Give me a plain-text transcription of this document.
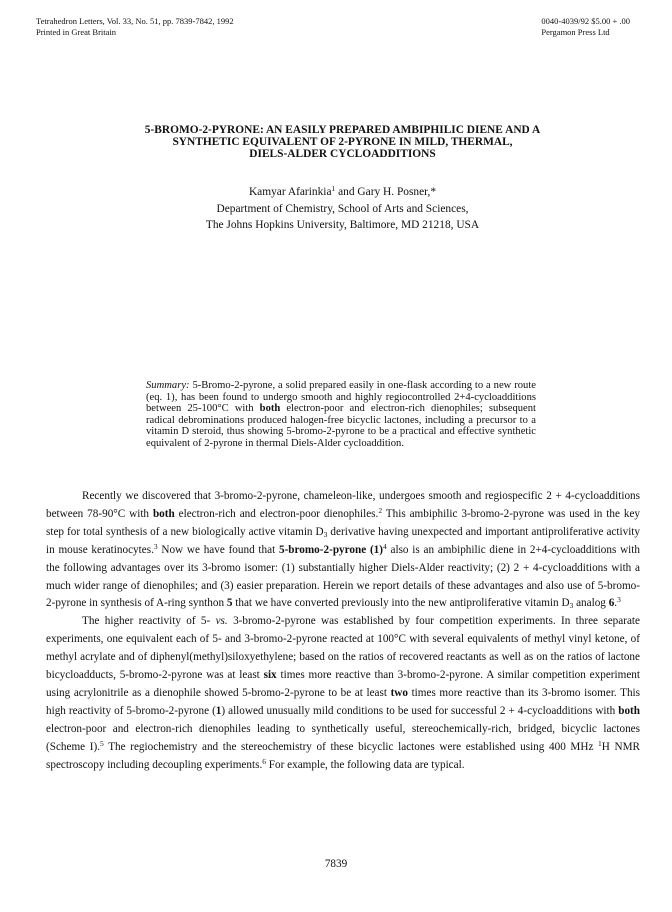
Tetrahedron Letters, Vol. 33, No. 51, pp. 7839-7842, 1992
Printed in Great Britain
0040-4039/92 $5.00 + .00
Pergamon Press Ltd
5-BROMO-2-PYRONE: AN EASILY PREPARED AMBIPHILIC DIENE AND A
SYNTHETIC EQUIVALENT OF 2-PYRONE IN MILD, THERMAL,
DIELS-ALDER CYCLOADDITIONS
Kamyar Afarinkia$^1$ and Gary H. Posner,*
Department of Chemistry, School of Arts and Sciences,
The Johns Hopkins University, Baltimore, MD 21218, USA
Summary: 5-Bromo-2-pyrone, a solid prepared easily in one-flask according to a new route (eq. 1), has been found to undergo smooth and highly regiocontrolled 2+4-cycloadditions between 25-100°C with both electron-poor and electron-rich dienophiles; subsequent radical debrominations produced halogen-free bicyclic lactones, including a precursor to a vitamin D steroid, thus showing 5-bromo-2-pyrone to be a practical and effective synthetic equivalent of 2-pyrone in thermal Diels-Alder cycloaddition.

Recently we discovered that 3-bromo-2-pyrone, chameleon-like, undergoes smooth and regiospecific 2 + 4-cycloadditions between 78-90°C with both electron-rich and electron-poor dienophiles.$^2$ This ambiphilic 3-bromo-2-pyrone was used in the key step for total synthesis of a new biologically active vitamin $D_3$ derivative having unexpected and important antiproliferative activity in mouse keratinocytes.$^3$ Now we have found that 5-bromo-2-pyrone $(1)^4$ also is an ambiphilic diene in 2+4-cycloadditions with the following advantages over its 3-bromo isomer: (1) substantially higher Diels-Alder reactivity; (2) 2 + 4-cycloadditions with a much wider range of dienophiles; and (3) easier preparation. Herein we report details of these advantages and also use of 5-bromo-2-pyrone in synthesis of A-ring synthon 5 that we have converted previously into the new antiproliferative vitamin $D_3$ analog 6.$^3$

The higher reactivity of 5- vs. 3-bromo-2-pyrone was established by four competition experiments. In three separate experiments, one equivalent each of 5- and 3-bromo-2-pyrone reacted at 100°C with several equivalents of methyl vinyl ketone, of methyl acrylate and of diphenyl(methyl)siloxyethylene; based on the ratios of recovered reactants as well as on the ratios of lactone bicycloadducts, 5-bromo-2-pyrone was at least six times more reactive than 3-bromo-2-pyrone. A similar competition experiment using acrylonitrile as a dienophile showed 5-bromo-2-pyrone to be at least two times more reactive than its 3-bromo isomer. This high reactivity of 5-bromo-2-pyrone (1) allowed unusually mild conditions to be used for successful 2 + 4-cycloadditions with both electron-poor and electron-rich dienophiles leading to synthetically useful, stereochemically-rich, bridged, bicyclic lactones (Scheme I).$^5$ The regiochemistry and the stereochemistry of these bicyclic lactones were established using 400 MHz $^1$H NMR spectroscopy including decoupling experiments.$^6$ For example, the following data are typical.

7839
